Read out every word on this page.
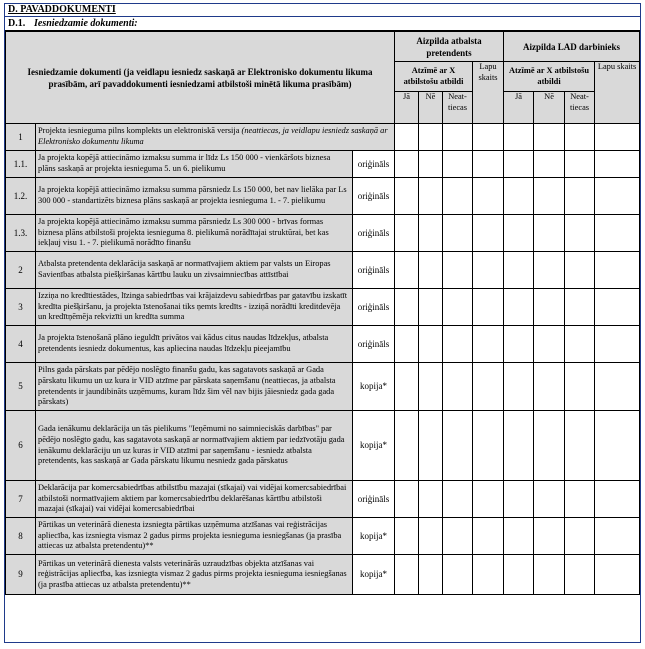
D. PAVADDOKUMENTI
D.1. Iesniedzamie dokumenti:
Iesniedzamie dokumenti (ja veidlapu iesniedz saskaņā ar Elektronisko dokumentu likuma prasībām, arī pavaddokumenti iesniedzami atbilstoši minētā likuma prasībām)			Aizpilda atbalsta pretendents				Aizpilda LAD darbinieks			
			Atzīmē ar X atbilstošu atbildi			Lapu skaits	Atzīmē ar X atbilstošu atbildi			Lapu skaits
			Jā	Nē	Neat-tiecas		Jā	Nē	Neat-tiecas	
1	Projekta iesnieguma pilns komplekts un elektroniskā versija (neattiecas, ja veidlapu iesniedz saskaņā ar Elektronisko dokumentu likuma									
1.1.	Ja projekta kopējā attiecināmo izmaksu summa ir līdz Ls 150 000 - vienkāršots biznesa plāns saskaņā ar projekta iesnieguma 5. un 6. pielikumu	oriģināls								
1.2.	Ja projekta kopējā attiecināmo izmaksu summa pārsniedz Ls 150 000, bet nav lielāka par Ls 300 000 - standartizēts biznesa plāns saskaņā ar projekta iesnieguma 1. - 7. pielikumu	oriģināls								
1.3.	Ja projekta kopējā attiecināmo izmaksu summa pārsniedz Ls 300 000 - brīvas formas biznesa plāns atbilstoši projekta iesnieguma 8. pielikumā norādītajai struktūrai, bet kas iekļauj visu 1. - 7. pielikumā norādīto finanšu	oriģināls								
2	Atbalsta pretendenta deklarācija saskaņā ar normatīvajiem aktiem par valsts un Eiropas Savienības atbalsta piešķiršanas kārtību lauku un zivsaimniecības attīstībai	oriģināls								
3	Izziņa no kredītiestādes, līzinga sabiedrības vai krājaizdevu sabiedrības par gatavību izskatīt kredīta piešķiršanu, ja projekta īstenošanai tiks ņemts kredīts - izziņā norādīti kreditdevēja un kredītņēmēja rekvizīti un kredīta summa	oriģināls								
4	Ja projekta īstenošanā plāno ieguldīt privātos vai kādus citus naudas līdzekļus, atbalsta pretendents iesniedz dokumentus, kas apliecina naudas līdzekļu pieejamību	oriģināls								
5	Pilns gada pārskats par pēdējo noslēgto finanšu gadu, kas sagatavots saskaņā ar Gada pārskatu likumu un uz kura ir VID atzīme par pārskata saņemšanu (neattiecas, ja atbalsta pretendents ir jaundibināts uzņēmums, kuram līdz šim vēl nav bijis jāiesniedz gada gada pārskats)	kopija*								
6	Gada ienākumu deklarācija un tās pielikums "Ieņēmumi no saimnieciskās darbības" par pēdējo noslēgto gadu, kas sagatavota saskaņā ar normatīvajiem aktiem par iedzīvotāju gada ienākumu deklarāciju un uz kuras ir VID atzīmi par saņemšanu - iesniedz atbalsta pretendents, kas saskaņā ar Gada pārskatu likumu nesniedz gada pārskatus	kopija*								
7	Deklarācija par komercsabiedrības atbilstību mazajai (sīkajai) vai vidējai komercsabiedrībai atbilstoši normatīvajiem aktiem par komercsabiedrību deklarēšanas kārtību atbilstoši mazajai (sīkajai) vai vidējai komercsabiedrībai	oriģināls								
8	Pārtikas un veterinārā dienesta izsniegta pārtikas uzņēmuma atzīšanas vai reģistrācijas apliecība, kas izsniegta vismaz 2 gadus pirms projekta iesnieguma iesniegšanas (ja prasība attiecas uz atbalsta pretendentu)**	kopija*								
9	Pārtikas un veterinārā dienesta valsts veterinārās uzraudzības objekta atzīšanas vai reģistrācijas apliecība, kas izsniegta vismaz 2 gadus pirms projekta iesnieguma iesniegšanas (ja prasība attiecas uz atbalsta pretendentu)**	kopija*								
